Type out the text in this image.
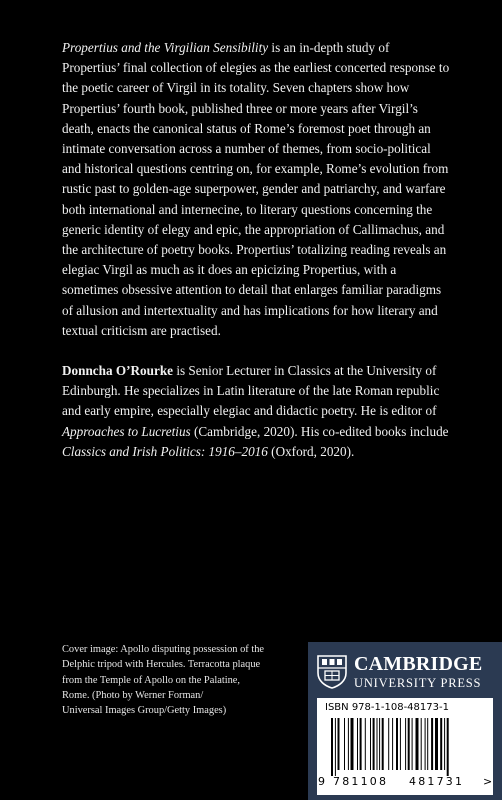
Propertius and the Virgilian Sensibility is an in-depth study of Propertius’ final collection of elegies as the earliest concerted response to the poetic career of Virgil in its totality. Seven chapters show how Propertius’ fourth book, published three or more years after Virgil’s death, enacts the canonical status of Rome’s foremost poet through an intimate conversation across a number of themes, from socio-political and historical questions centring on, for example, Rome’s evolution from rustic past to golden-age superpower, gender and patriarchy, and warfare both international and internecine, to literary questions concerning the generic identity of elegy and epic, the appropriation of Callimachus, and the architecture of poetry books. Propertius’ totalizing reading reveals an elegiac Virgil as much as it does an epicizing Propertius, with a sometimes obsessive attention to detail that enlarges familiar paradigms of allusion and intertextuality and has implications for how literary and textual criticism are practised.

Donncha O’Rourke is Senior Lecturer in Classics at the University of Edinburgh. He specializes in Latin literature of the late Roman republic and early empire, especially elegiac and didactic poetry. He is editor of Approaches to Lucretius (Cambridge, 2020). His co-edited books include Classics and Irish Politics: 1916–2016 (Oxford, 2020).

Cover image: Apollo disputing possession of the
Delphic tripod with Hercules. Terracotta plaque
from the Temple of Apollo on the Palatine,
Rome. (Photo by Werner Forman/
Universal Images Group/Getty Images)
CAMBRIDGE
UNIVERSITY PRESS
ISBN 978-1-108-48173-1
9 781108 481731 >
